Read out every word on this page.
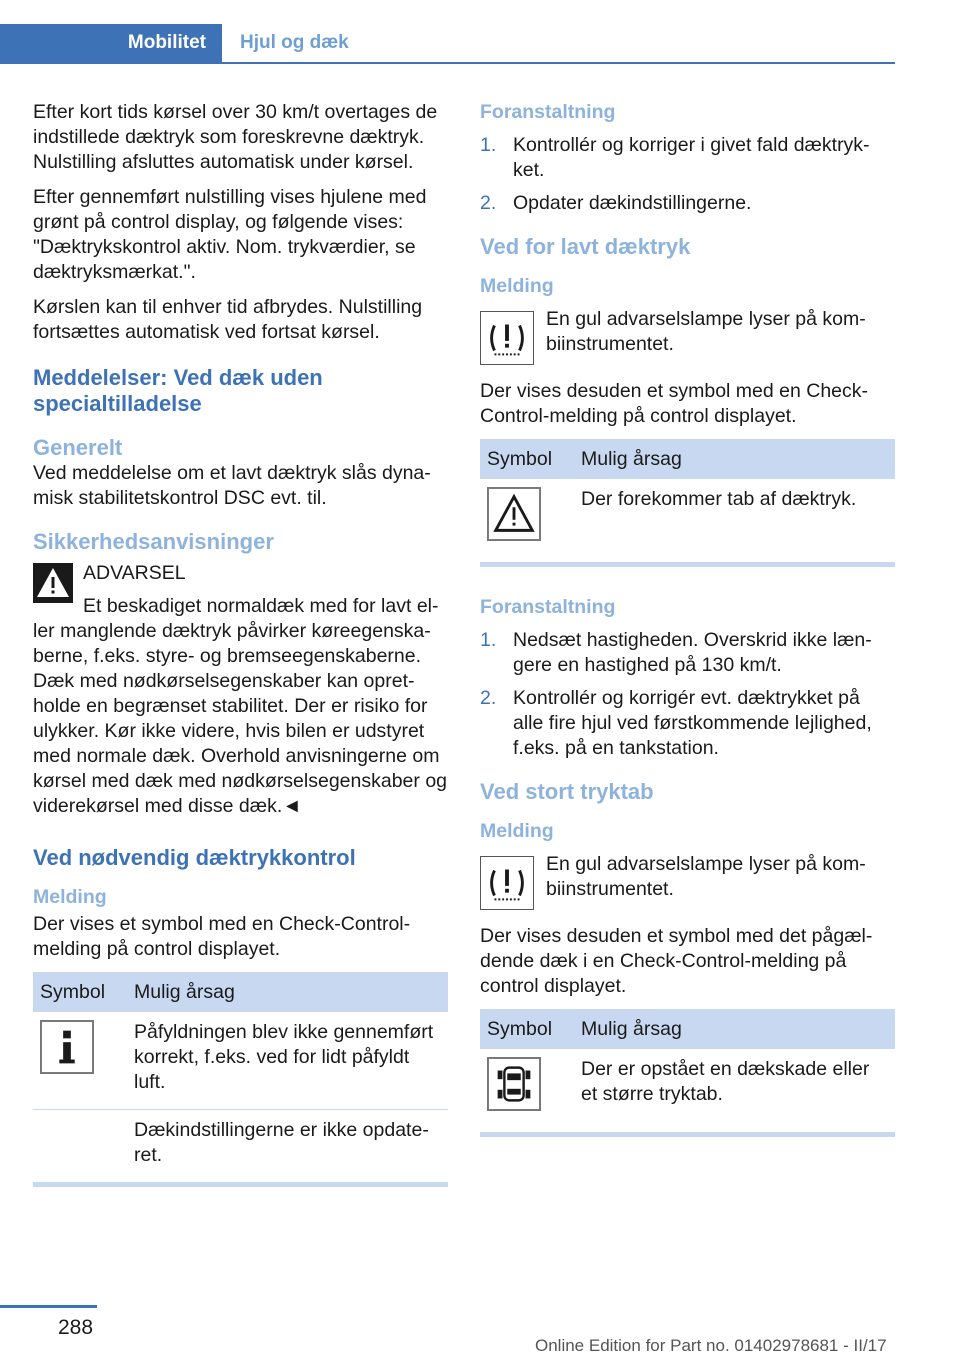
Mobilitet	Hjul og dæk

Efter kort tids kørsel over 30 km/t overtages de indstillede dæktryk som foreskrevne dæktryk. Nulstilling afsluttes automatisk under kørsel.

Efter gennemført nulstilling vises hjulene med grønt på control display, og følgende vises: "Dæktrykskontrol aktiv. Nom. trykværdier, se dæktryksmærkat.".

Kørslen kan til enhver tid afbrydes. Nulstilling fortsættes automatisk ved fortsat kørsel.

Meddelelser: Ved dæk uden specialtilladelse
Generelt

Ved meddelelse om et lavt dæktryk slås dyna‐misk stabilitetskontrol DSC evt. til.

Sikkerhedsanvisninger

ADVARSEL

Et beskadiget normaldæk med for lavt el‐ler manglende dæktryk påvirker køreegenska‐berne, f.eks. styre- og bremseegenskaberne. Dæk med nødkørselsegenskaber kan opret‐holde en begrænset stabilitet. Der er risiko for ulykker. Kør ikke videre, hvis bilen er udstyret med normale dæk. Overhold anvisningerne om kørsel med dæk med nødkørselsegenskaber og viderekørsel med disse dæk.◄

Ved nødvendig dæktrykkontrol
Melding

Der vises et symbol med en Check-Control-melding på control displayet.

Symbol	Mulig årsag
	Påfyldningen blev ikke gennemført korrekt, f.eks. ved for lidt påfyldt luft.
	Dækindstillingerne er ikke opdate‐ret.
Foranstaltning
1. Kontrollér og korriger i givet fald dæktryk‐ket.
2. Opdater dækindstillingerne.
Ved for lavt dæktryk
Melding
En gul advarselslampe lyser på kom‐biinstrumentet.

Der vises desuden et symbol med en Check-Control-melding på control displayet.

Symbol	Mulig årsag
	Der forekommer tab af dæktryk.
Foranstaltning
1. Nedsæt hastigheden. Overskrid ikke læn‐gere en hastighed på 130 km/t.
2. Kontrollér og korrigér evt. dæktrykket på alle fire hjul ved førstkommende lejlighed, f.eks. på en tankstation.
Ved stort tryktab
Melding
En gul advarselslampe lyser på kom‐biinstrumentet.

Der vises desuden et symbol med det pågæl‐dende dæk i en Check-Control-melding på control displayet.

Symbol	Mulig årsag
	Der er opstået en dækskade eller et større tryktab.
288
Online Edition for Part no. 01402978681 - II/17
